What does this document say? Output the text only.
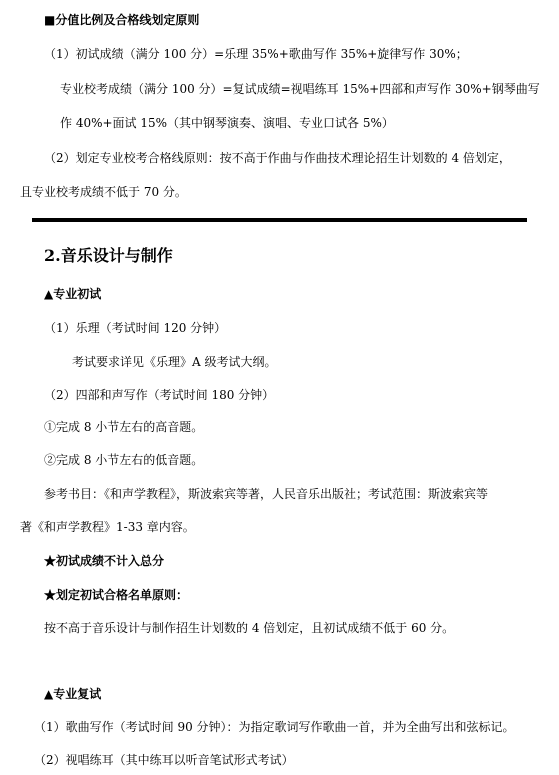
■分值比例及合格线划定原则
（1）初试成绩（满分 100 分）=乐理 35%+歌曲写作 35%+旋律写作 30%；
专业校考成绩（满分 100 分）=复试成绩=视唱练耳 15%+四部和声写作 30%+钢琴曲写
作 40%+面试 15%（其中钢琴演奏、演唱、专业口试各 5%）
（2）划定专业校考合格线原则：按不高于作曲与作曲技术理论招生计划数的 4 倍划定，
且专业校考成绩不低于 70 分。
2.音乐设计与制作
▲专业初试
（1）乐理（考试时间 120 分钟）
考试要求详见《乐理》A 级考试大纲。
（2）四部和声写作（考试时间 180 分钟）
①完成 8 小节左右的高音题。
②完成 8 小节左右的低音题。
参考书目：《和声学教程》，斯波索宾等著，人民音乐出版社；考试范围：斯波索宾等
著《和声学教程》1-33 章内容。
★初试成绩不计入总分
★划定初试合格名单原则：
按不高于音乐设计与制作招生计划数的 4 倍划定，且初试成绩不低于 60 分。
▲专业复试
（1）歌曲写作（考试时间 90 分钟）：为指定歌词写作歌曲一首，并为全曲写出和弦标记。
（2）视唱练耳（其中练耳以听音笔试形式考试）
